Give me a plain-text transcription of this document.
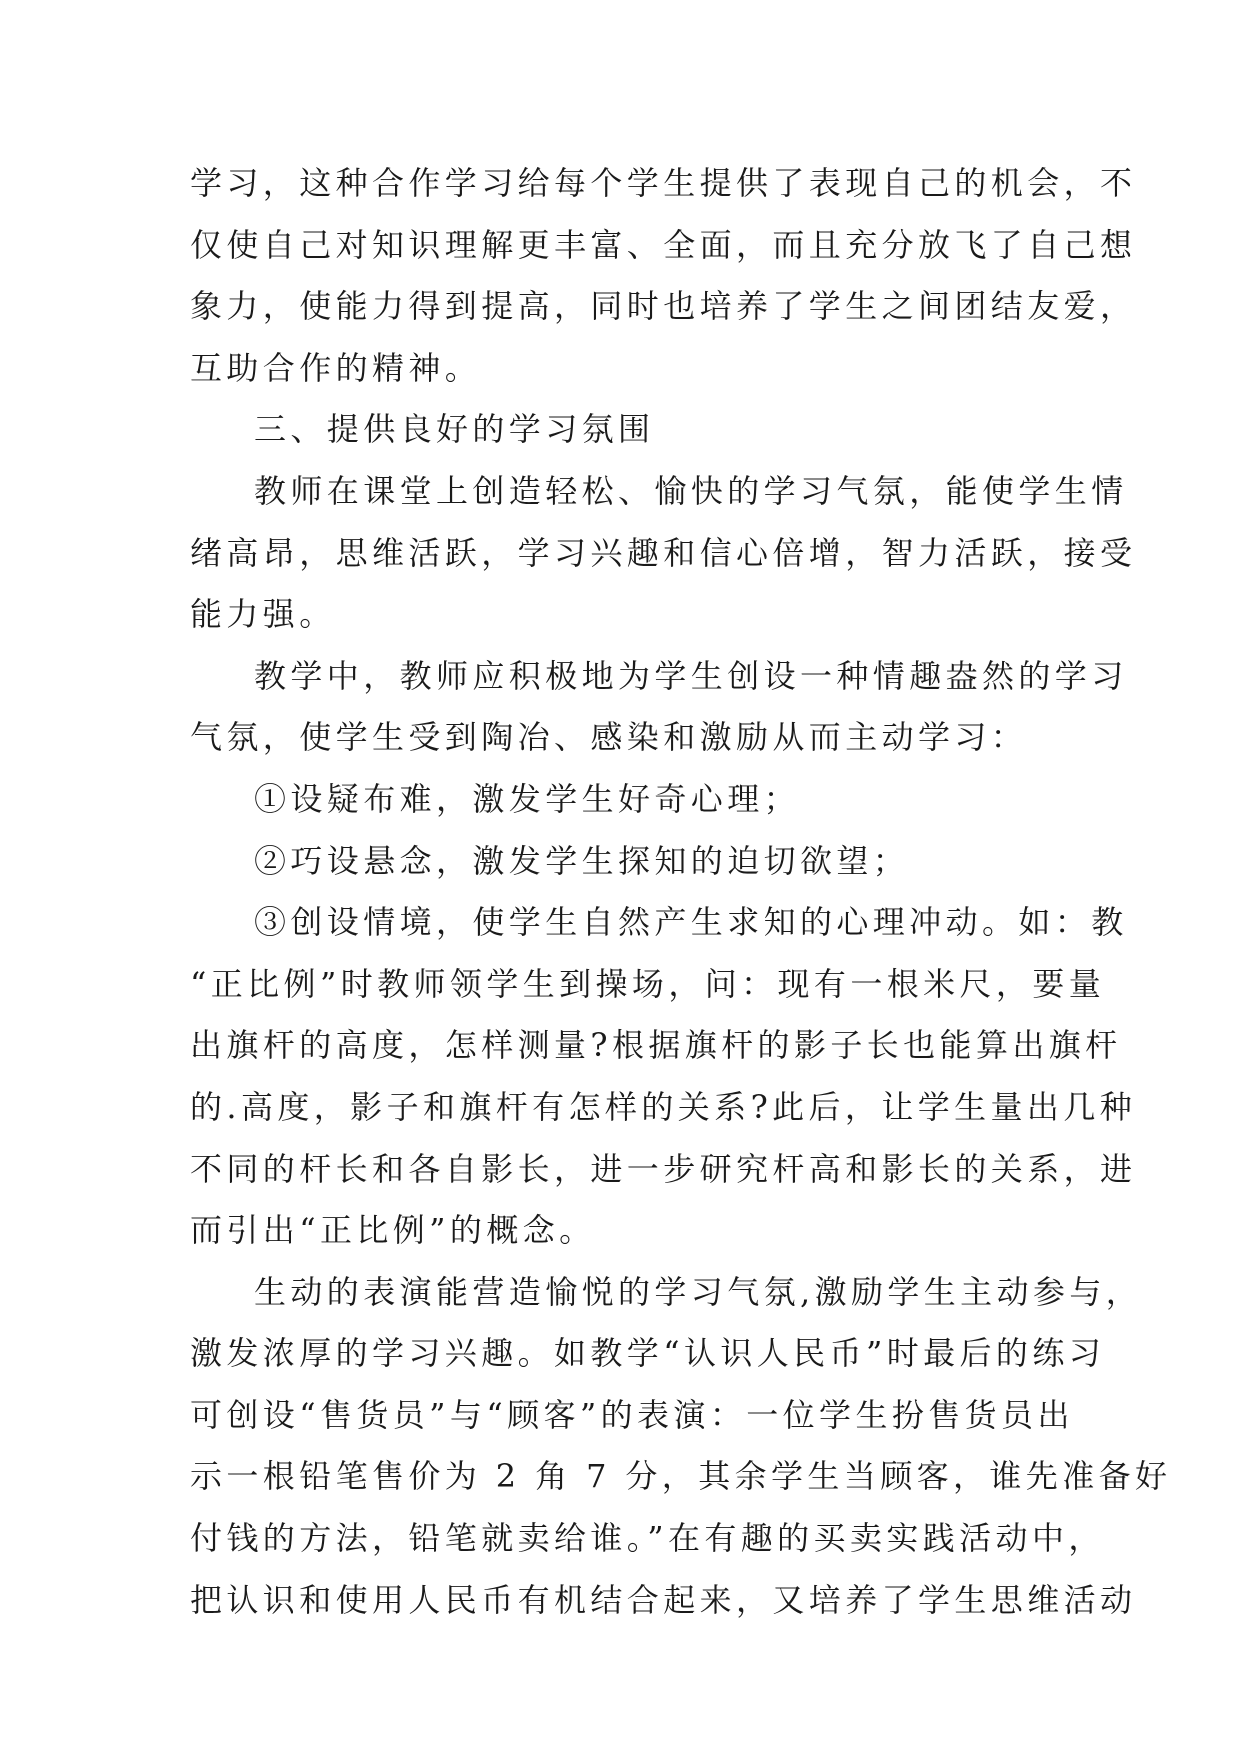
学习，这种合作学习给每个学生提供了表现自己的机会，不
仅使自己对知识理解更丰富、全面，而且充分放飞了自己想
象力，使能力得到提高，同时也培养了学生之间团结友爱，
互助合作的精神。
三、提供良好的学习氛围
教师在课堂上创造轻松、愉快的学习气氛，能使学生情
绪高昂，思维活跃，学习兴趣和信心倍增，智力活跃，接受
能力强。
教学中，教师应积极地为学生创设一种情趣盎然的学习
气氛，使学生受到陶冶、感染和激励从而主动学习：
①设疑布难，激发学生好奇心理；
②巧设悬念，激发学生探知的迫切欲望；
③创设情境，使学生自然产生求知的心理冲动。如：教
“正比例”时教师领学生到操场，问：现有一根米尺，要量
出旗杆的高度，怎样测量?根据旗杆的影子长也能算出旗杆
的.高度，影子和旗杆有怎样的关系?此后，让学生量出几种
不同的杆长和各自影长，进一步研究杆高和影长的关系，进
而引出“正比例”的概念。
生动的表演能营造愉悦的学习气氛,激励学生主动参与，
激发浓厚的学习兴趣。如教学“认识人民币”时最后的练习
可创设“售货员”与“顾客”的表演：一位学生扮售货员出
示一根铅笔售价为 2 角 7 分，其余学生当顾客，谁先准备好
付钱的方法，铅笔就卖给谁。”在有趣的买卖实践活动中，
把认识和使用人民币有机结合起来，又培养了学生思维活动
